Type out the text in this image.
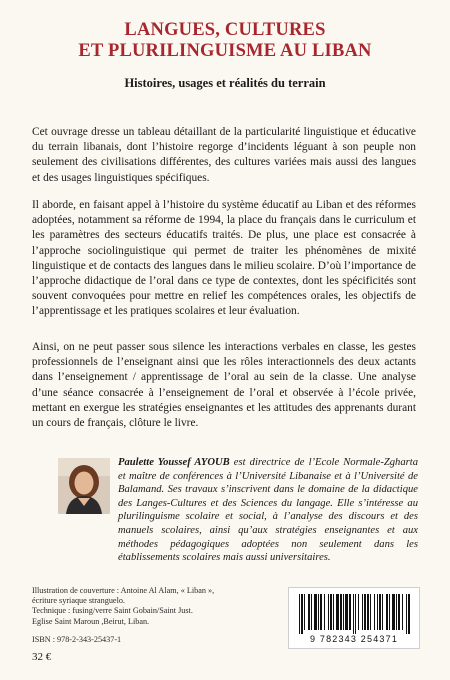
LANGUES, CULTURES
ET PLURILINGUISME AU LIBAN
Histoires, usages et réalités du terrain

Cet ouvrage dresse un tableau détaillant de la particularité linguistique et éducative du terrain libanais, dont l’histoire regorge d’incidents léguant à son peuple non seulement des civilisations différentes, des cultures variées mais aussi des langues et des usages linguistiques spécifiques.

Il aborde, en faisant appel à l’histoire du système éducatif au Liban et des réformes adoptées, notamment sa réforme de 1994, la place du français dans le curriculum et les paramètres des secteurs éducatifs traités. De plus, une place est consacrée à l’approche sociolinguistique qui permet de traiter les phénomènes de mixité linguistique et de contacts des langues dans le milieu scolaire. D’où l’importance de l’approche didactique de l’oral dans ce type de contextes, dont les spécificités sont souvent convoquées pour mettre en relief les compétences orales, les objectifs de l’apprentissage et les pratiques scolaires et leur évaluation.

Ainsi, on ne peut passer sous silence les interactions verbales en classe, les gestes professionnels de l’enseignant ainsi que les rôles interactionnels des deux actants dans l’enseignement / apprentissage de l’oral au sein de la classe. Une analyse d’une séance consacrée à l’enseignement de l’oral et observée à l’école privée, mettant en exergue les stratégies enseignantes et les attitudes des apprenants durant un cours de français, clôture le livre.

Paulette Youssef AYOUB est directrice de l’Ecole Normale-Zgharta et maître de conférences à l’Université Libanaise et à l’Université de Balamand. Ses travaux s’inscrivent dans le domaine de la didactique des Langes-Cultures et des Sciences du langage. Elle s’intéresse au plurilinguisme scolaire et social, à l’analyse des discours et des manuels scolaires, ainsi qu’aux stratégies enseignantes et aux méthodes pédagogiques adoptées non seulement dans les établissements scolaires mais aussi universitaires.

Illustration de couverture : Antoine Al Alam, « Liban »,
écriture syriaque stranguelo.
Technique : fusing/verre Saint Gobain/Saint Just.
Eglise Saint Maroun ,Beirut, Liban.
ISBN : 978-2-343-25437-1
32 €
9 782343 254371
